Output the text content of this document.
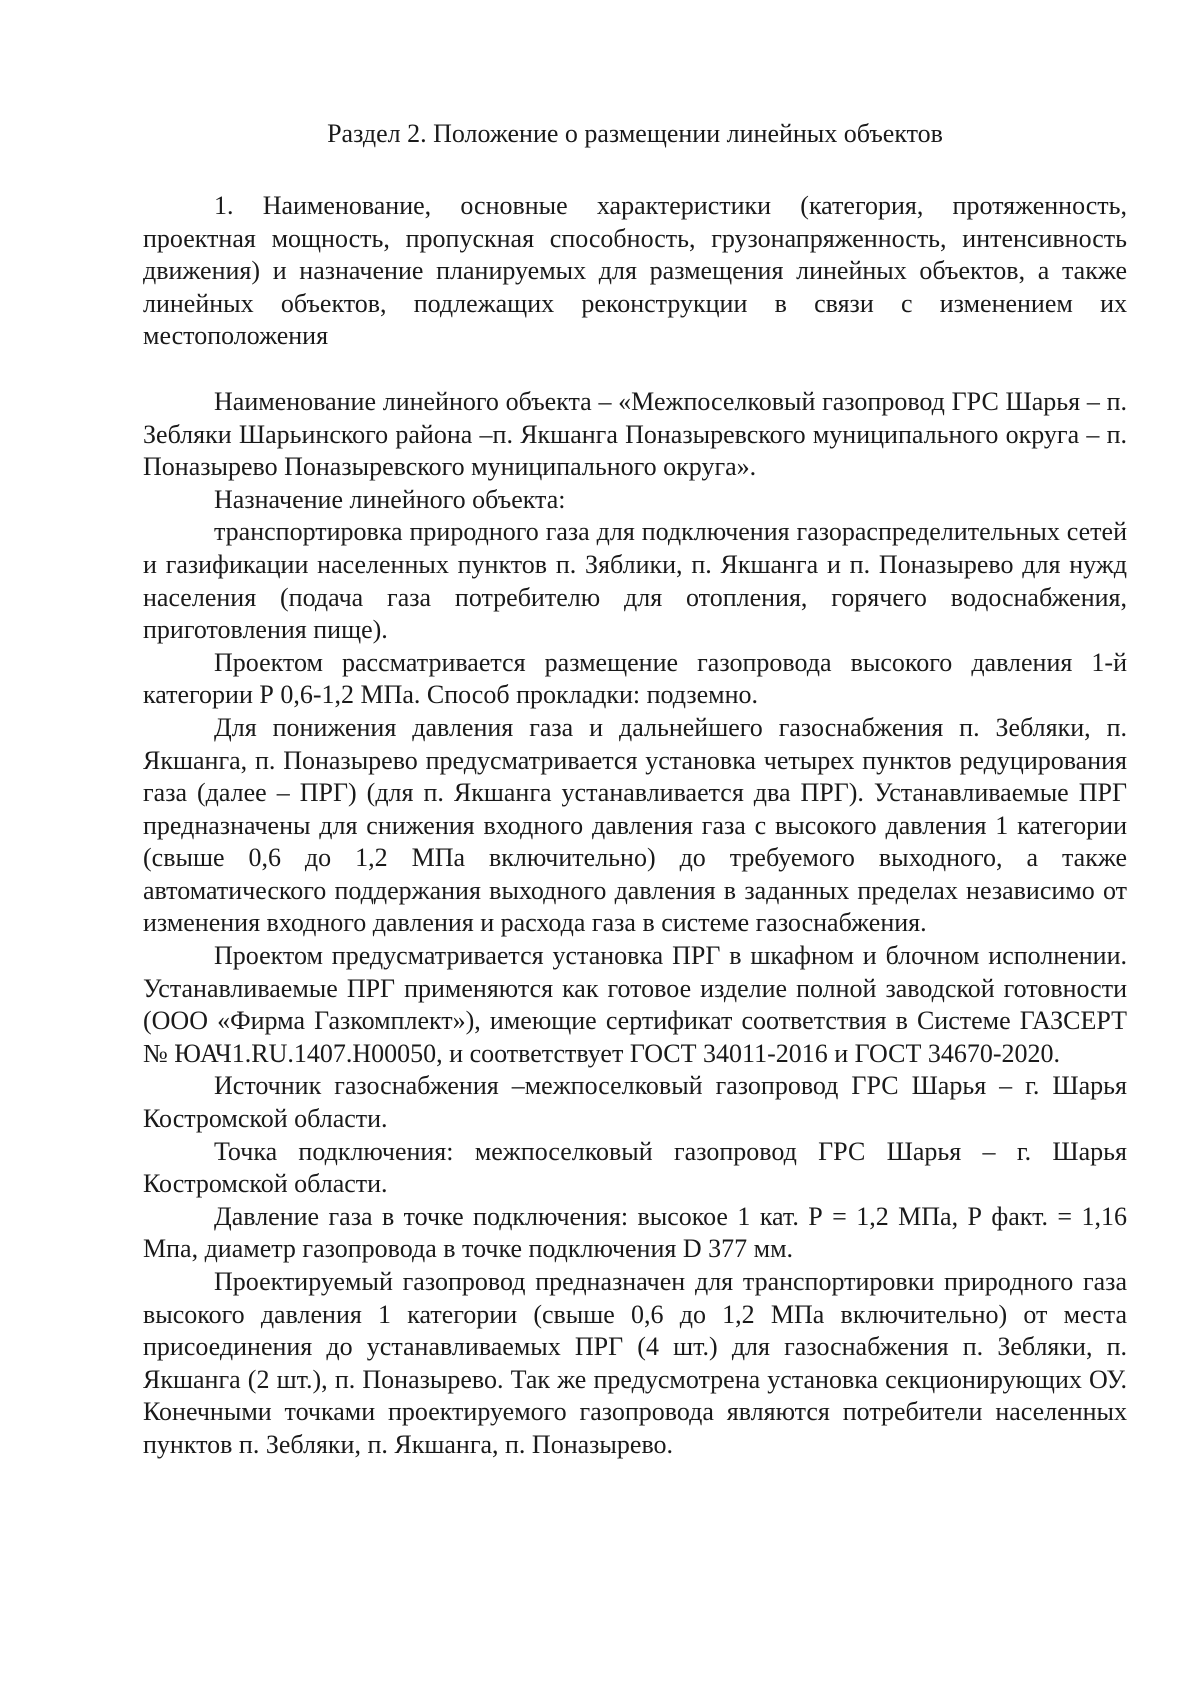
Раздел 2. Положение о размещении линейных объектов

1. Наименование, основные характеристики (категория, протяженность, проектная мощность, пропускная способность, грузонапряженность, интенсивность движения) и назначение планируемых для размещения линейных объектов, а также линейных объектов, подлежащих реконструкции в связи с изменением их местоположения

Наименование линейного объекта – «Межпоселковый газопровод ГРС Шарья – п. Зебляки Шарьинского района –п. Якшанга Поназыревского муниципального округа – п. Поназырево Поназыревского муниципального округа».

Назначение линейного объекта:

транспортировка природного газа для подключения газораспределительных сетей и газификации населенных пунктов п. Зяблики, п. Якшанга и п. Поназырево для нужд населения (подача газа потребителю для отопления, горячего водоснабжения, приготовления пище).

Проектом рассматривается размещение газопровода высокого давления 1-й категории Р 0,6-1,2 МПа. Способ прокладки: подземно.

Для понижения давления газа и дальнейшего газоснабжения п. Зебляки, п. Якшанга, п. Поназырево предусматривается установка четырех пунктов редуцирования газа (далее – ПРГ) (для п. Якшанга устанавливается два ПРГ). Устанавливаемые ПРГ предназначены для снижения входного давления газа с высокого давления 1 категории (свыше 0,6 до 1,2 МПа включительно) до требуемого выходного, а также автоматического поддержания выходного давления в заданных пределах независимо от изменения входного давления и расхода газа в системе газоснабжения.

Проектом предусматривается установка ПРГ в шкафном и блочном исполнении. Устанавливаемые ПРГ применяются как готовое изделие полной заводской готовности (ООО «Фирма Газкомплект»), имеющие сертификат соответствия в Системе ГАЗСЕРТ № ЮАЧ1.RU.1407.Н00050, и соответствует ГОСТ 34011-2016 и ГОСТ 34670-2020.

Источник газоснабжения –межпоселковый газопровод ГРС Шарья – г. Шарья Костромской области.

Точка подключения: межпоселковый газопровод ГРС Шарья – г. Шарья Костромской области.

Давление газа в точке подключения: высокое 1 кат. Р = 1,2 МПа, Р факт. = 1,16 Мпа, диаметр газопровода в точке подключения D 377 мм.

Проектируемый газопровод предназначен для транспортировки природного газа высокого давления 1 категории (свыше 0,6 до 1,2 МПа включительно) от места присоединения до устанавливаемых ПРГ (4 шт.) для газоснабжения п. Зебляки, п. Якшанга (2 шт.), п. Поназырево. Так же предусмотрена установка секционирующих ОУ. Конечными точками проектируемого газопровода являются потребители населенных пунктов п. Зебляки, п. Якшанга, п. Поназырево.
